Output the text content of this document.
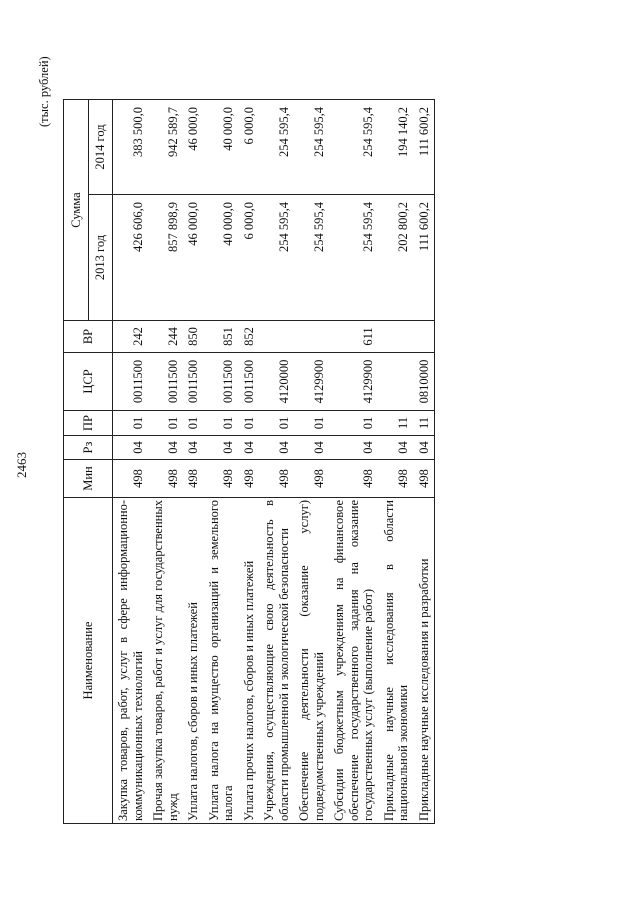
2463
(тыс. рублей)
Наименование	Мин	Рз	ПР	ЦСР	ВР	Сумма	
						2013 год	2014 год
Закупка товаров, работ, услуг в сфере информационно-коммуникационных технологий	498	04	01	0011500	242	426 606,0	383 500,0
Прочая закупка товаров, работ и услуг для государственных нужд	498	04	01	0011500	244	857 898,9	942 589,7
Уплата налогов, сборов и иных платежей	498	04	01	0011500	850	46 000,0	46 000,0
Уплата налога на имущество организаций и земельного налога	498	04	01	0011500	851	40 000,0	40 000,0
Уплата прочих налогов, сборов и иных платежей	498	04	01	0011500	852	6 000,0	6 000,0
Учреждения, осуществляющие свою деятельность в области промышленной и экологической безопасности	498	04	01	4120000		254 595,4	254 595,4
Обеспечение деятельности (оказание услуг) подведомственных учреждений	498	04	01	4129900		254 595,4	254 595,4
Субсидии бюджетным учреждениям на финансовое обеспечение государственного задания на оказание государственных услуг (выполнение работ)	498	04	01	4129900	611	254 595,4	254 595,4
Прикладные научные исследования в области национальной экономики	498	04	11			202 800,2	194 140,2
Прикладные научные исследования и разработки	498	04	11	0810000		111 600,2	111 600,2
